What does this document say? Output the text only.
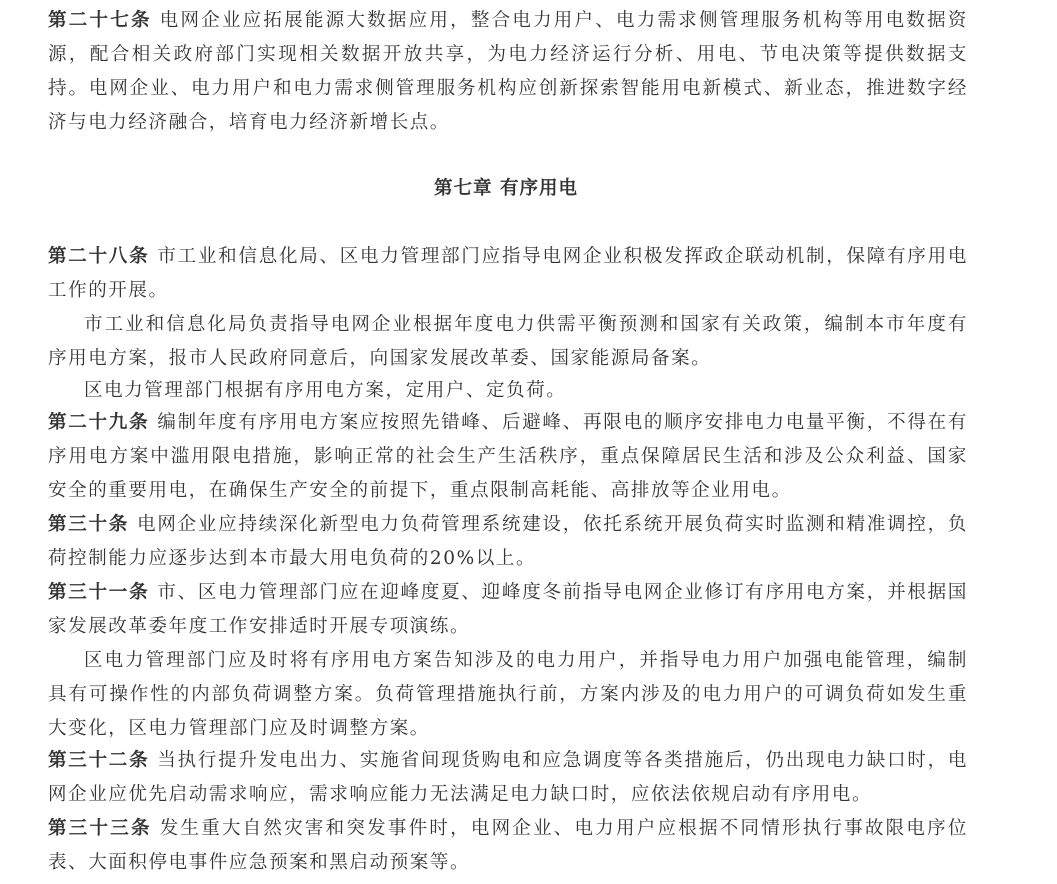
第二十七条 电网企业应拓展能源大数据应用，整合电力用户、电力需求侧管理服务机构等用电数据资源，配合相关政府部门实现相关数据开放共享，为电力经济运行分析、用电、节电决策等提供数据支持。电网企业、电力用户和电力需求侧管理服务机构应创新探索智能用电新模式、新业态，推进数字经济与电力经济融合，培育电力经济新增长点。

第七章 有序用电

第二十八条 市工业和信息化局、区电力管理部门应指导电网企业积极发挥政企联动机制，保障有序用电工作的开展。

市工业和信息化局负责指导电网企业根据年度电力供需平衡预测和国家有关政策，编制本市年度有序用电方案，报市人民政府同意后，向国家发展改革委、国家能源局备案。

区电力管理部门根据有序用电方案，定用户、定负荷。

第二十九条 编制年度有序用电方案应按照先错峰、后避峰、再限电的顺序安排电力电量平衡，不得在有序用电方案中滥用限电措施，影响正常的社会生产生活秩序，重点保障居民生活和涉及公众利益、国家安全的重要用电，在确保生产安全的前提下，重点限制高耗能、高排放等企业用电。

第三十条 电网企业应持续深化新型电力负荷管理系统建设，依托系统开展负荷实时监测和精准调控，负荷控制能力应逐步达到本市最大用电负荷的20%以上。

第三十一条 市、区电力管理部门应在迎峰度夏、迎峰度冬前指导电网企业修订有序用电方案，并根据国家发展改革委年度工作安排适时开展专项演练。

区电力管理部门应及时将有序用电方案告知涉及的电力用户，并指导电力用户加强电能管理，编制具有可操作性的内部负荷调整方案。负荷管理措施执行前，方案内涉及的电力用户的可调负荷如发生重大变化，区电力管理部门应及时调整方案。

第三十二条 当执行提升发电出力、实施省间现货购电和应急调度等各类措施后，仍出现电力缺口时，电网企业应优先启动需求响应，需求响应能力无法满足电力缺口时，应依法依规启动有序用电。

第三十三条 发生重大自然灾害和突发事件时，电网企业、电力用户应根据不同情形执行事故限电序位表、大面积停电事件应急预案和黑启动预案等。
